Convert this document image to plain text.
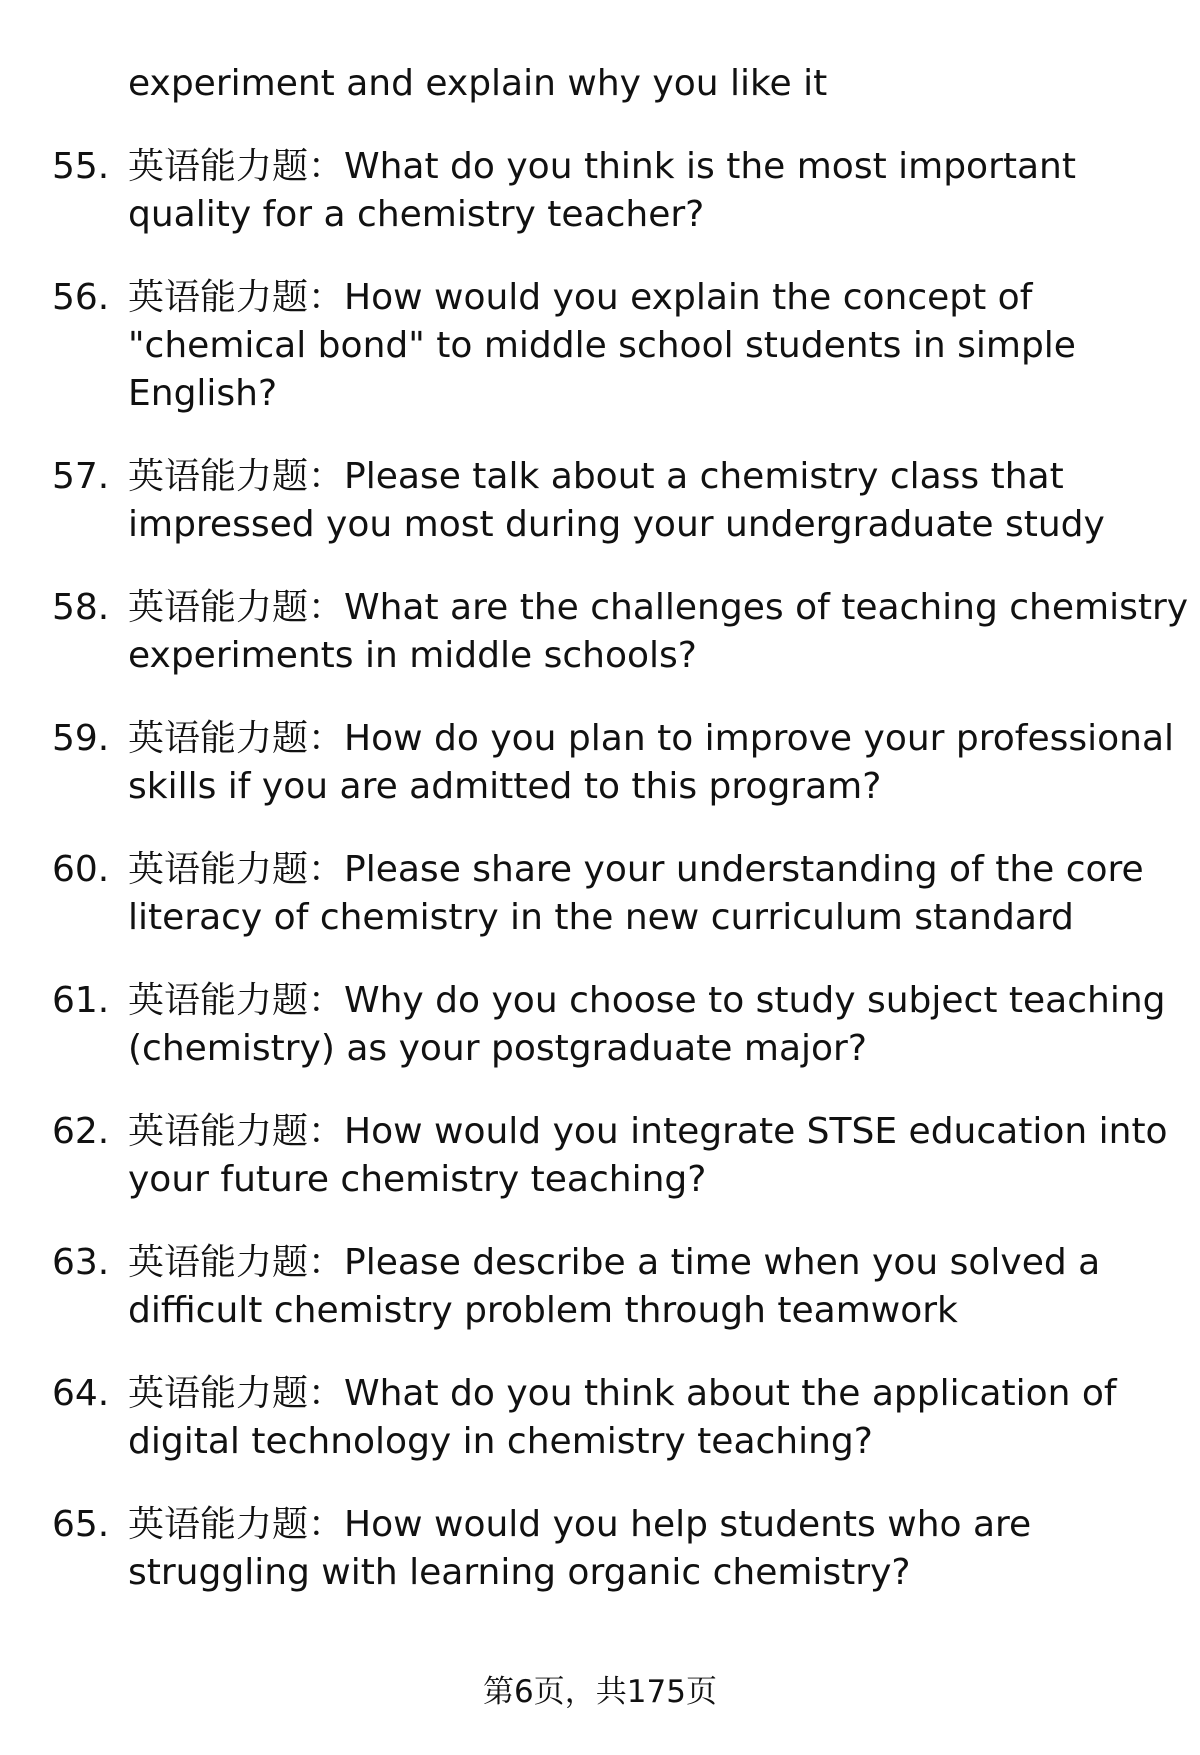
experiment and explain why you like it
55. 英语能力题：What do you think is the most important
quality for a chemistry teacher?
56. 英语能力题：How would you explain the concept of
"chemical bond" to middle school students in simple
English?
57. 英语能力题：Please talk about a chemistry class that
impressed you most during your undergraduate study
58. 英语能力题：What are the challenges of teaching chemistry
experiments in middle schools?
59. 英语能力题：How do you plan to improve your professional
skills if you are admitted to this program?
60. 英语能力题：Please share your understanding of the core
literacy of chemistry in the new curriculum standard
61. 英语能力题：Why do you choose to study subject teaching
(chemistry) as your postgraduate major?
62. 英语能力题：How would you integrate STSE education into
your future chemistry teaching?
63. 英语能力题：Please describe a time when you solved a
difficult chemistry problem through teamwork
64. 英语能力题：What do you think about the application of
digital technology in chemistry teaching?
65. 英语能力题：How would you help students who are
struggling with learning organic chemistry?
第6页，共175页
